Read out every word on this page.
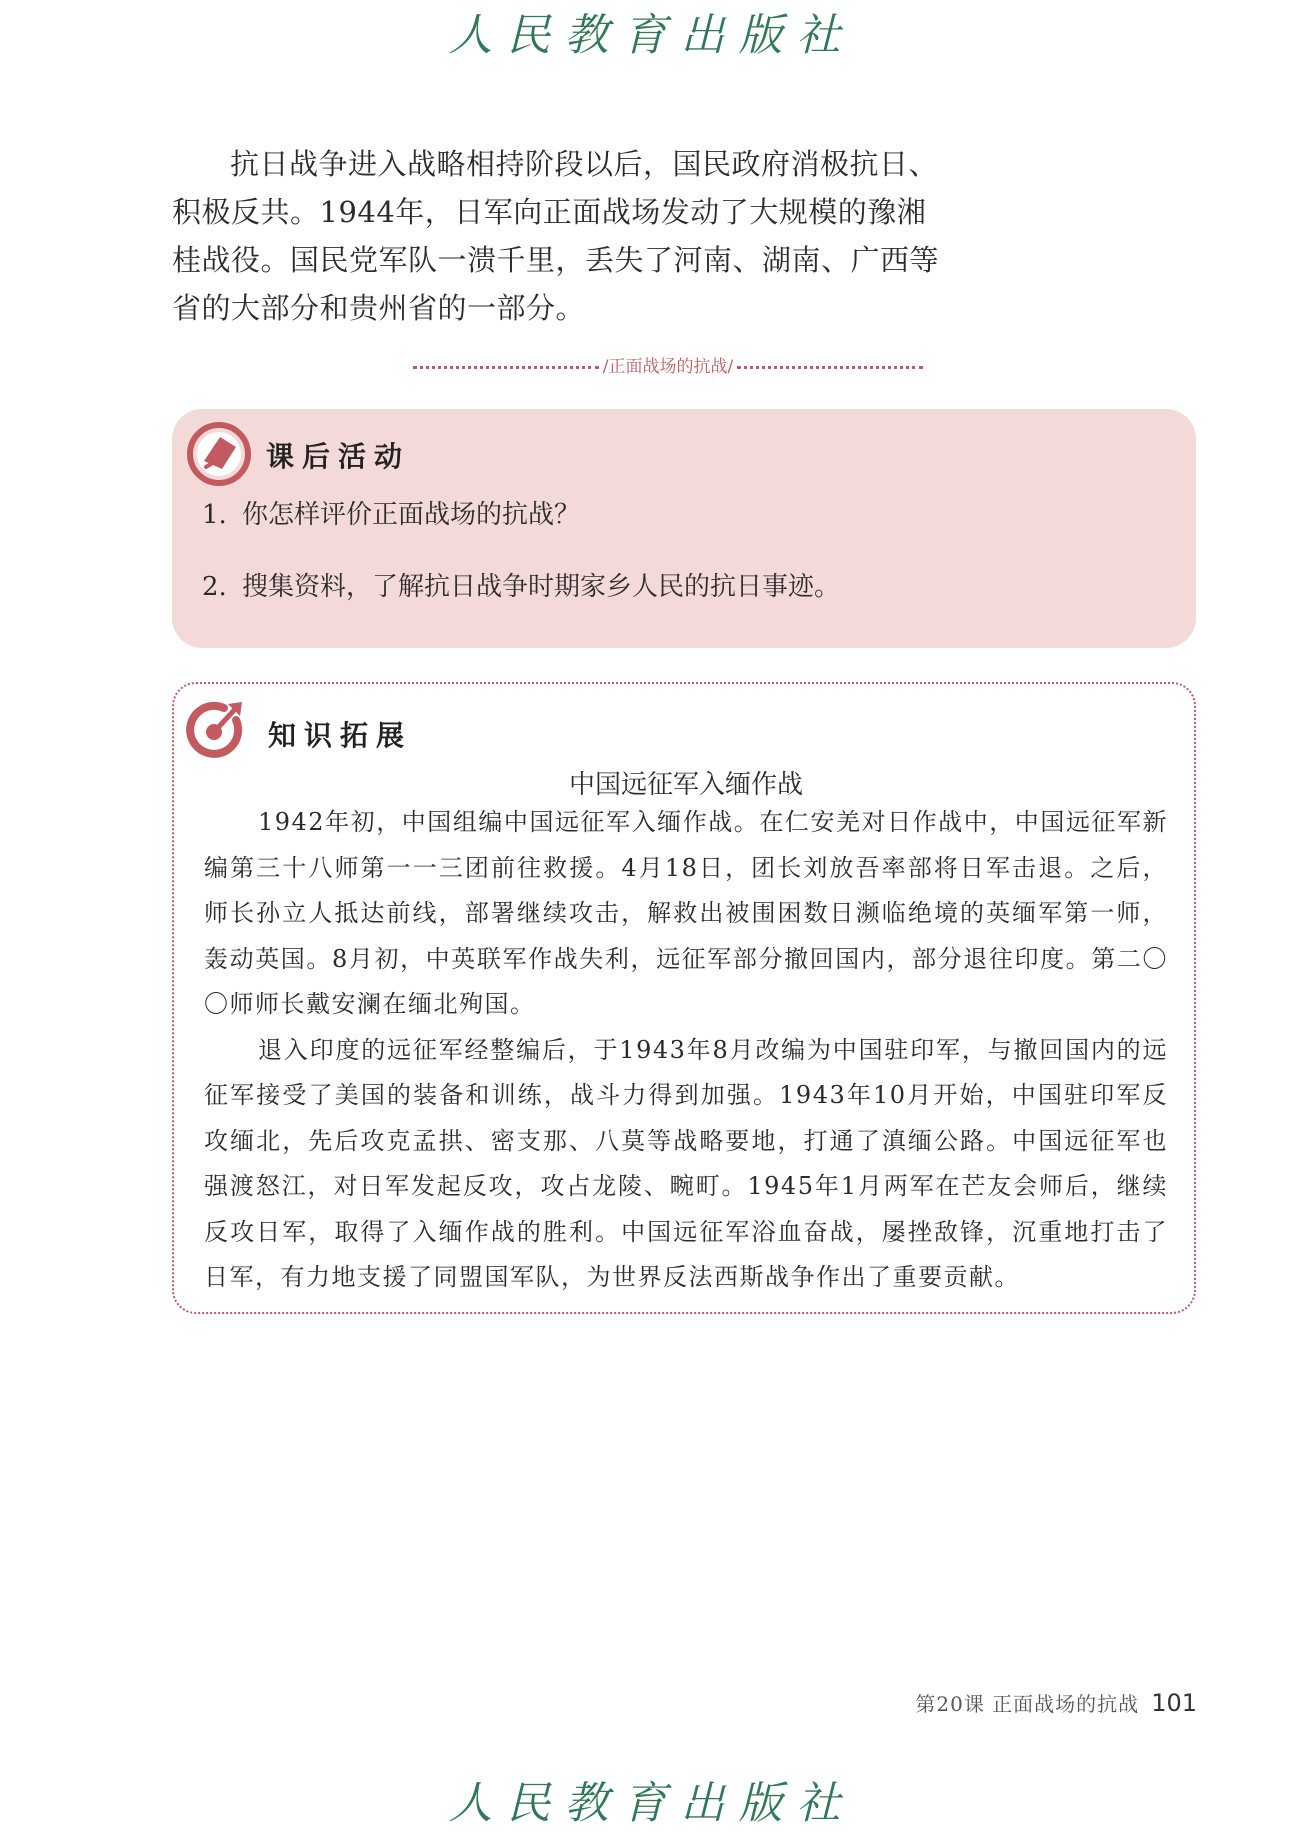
人民教育出版社

抗日战争进入战略相持阶段以后，国民政府消极抗日、积极反共。1944年，日军向正面战场发动了大规模的豫湘桂战役。国民党军队一溃千里，丢失了河南、湖南、广西等省的大部分和贵州省的一部分。

/正面战场的抗战/
课后活动
1. 你怎样评价正面战场的抗战？
2. 搜集资料，了解抗日战争时期家乡人民的抗日事迹。
知识拓展
中国远征军入缅作战

1942年初，中国组编中国远征军入缅作战。在仁安羌对日作战中，中国远征军新编第三十八师第一一三团前往救援。4月18日，团长刘放吾率部将日军击退。之后，师长孙立人抵达前线，部署继续攻击，解救出被围困数日濒临绝境的英缅军第一师，轰动英国。8月初，中英联军作战失利，远征军部分撤回国内，部分退往印度。第二〇〇师师长戴安澜在缅北殉国。

退入印度的远征军经整编后，于1943年8月改编为中国驻印军，与撤回国内的远征军接受了美国的装备和训练，战斗力得到加强。1943年10月开始，中国驻印军反攻缅北，先后攻克孟拱、密支那、八莫等战略要地，打通了滇缅公路。中国远征军也强渡怒江，对日军发起反攻，攻占龙陵、畹町。1945年1月两军在芒友会师后，继续反攻日军，取得了入缅作战的胜利。中国远征军浴血奋战，屡挫敌锋，沉重地打击了日军，有力地支援了同盟国军队，为世界反法西斯战争作出了重要贡献。

第20课 正面战场的抗战 101
人民教育出版社
